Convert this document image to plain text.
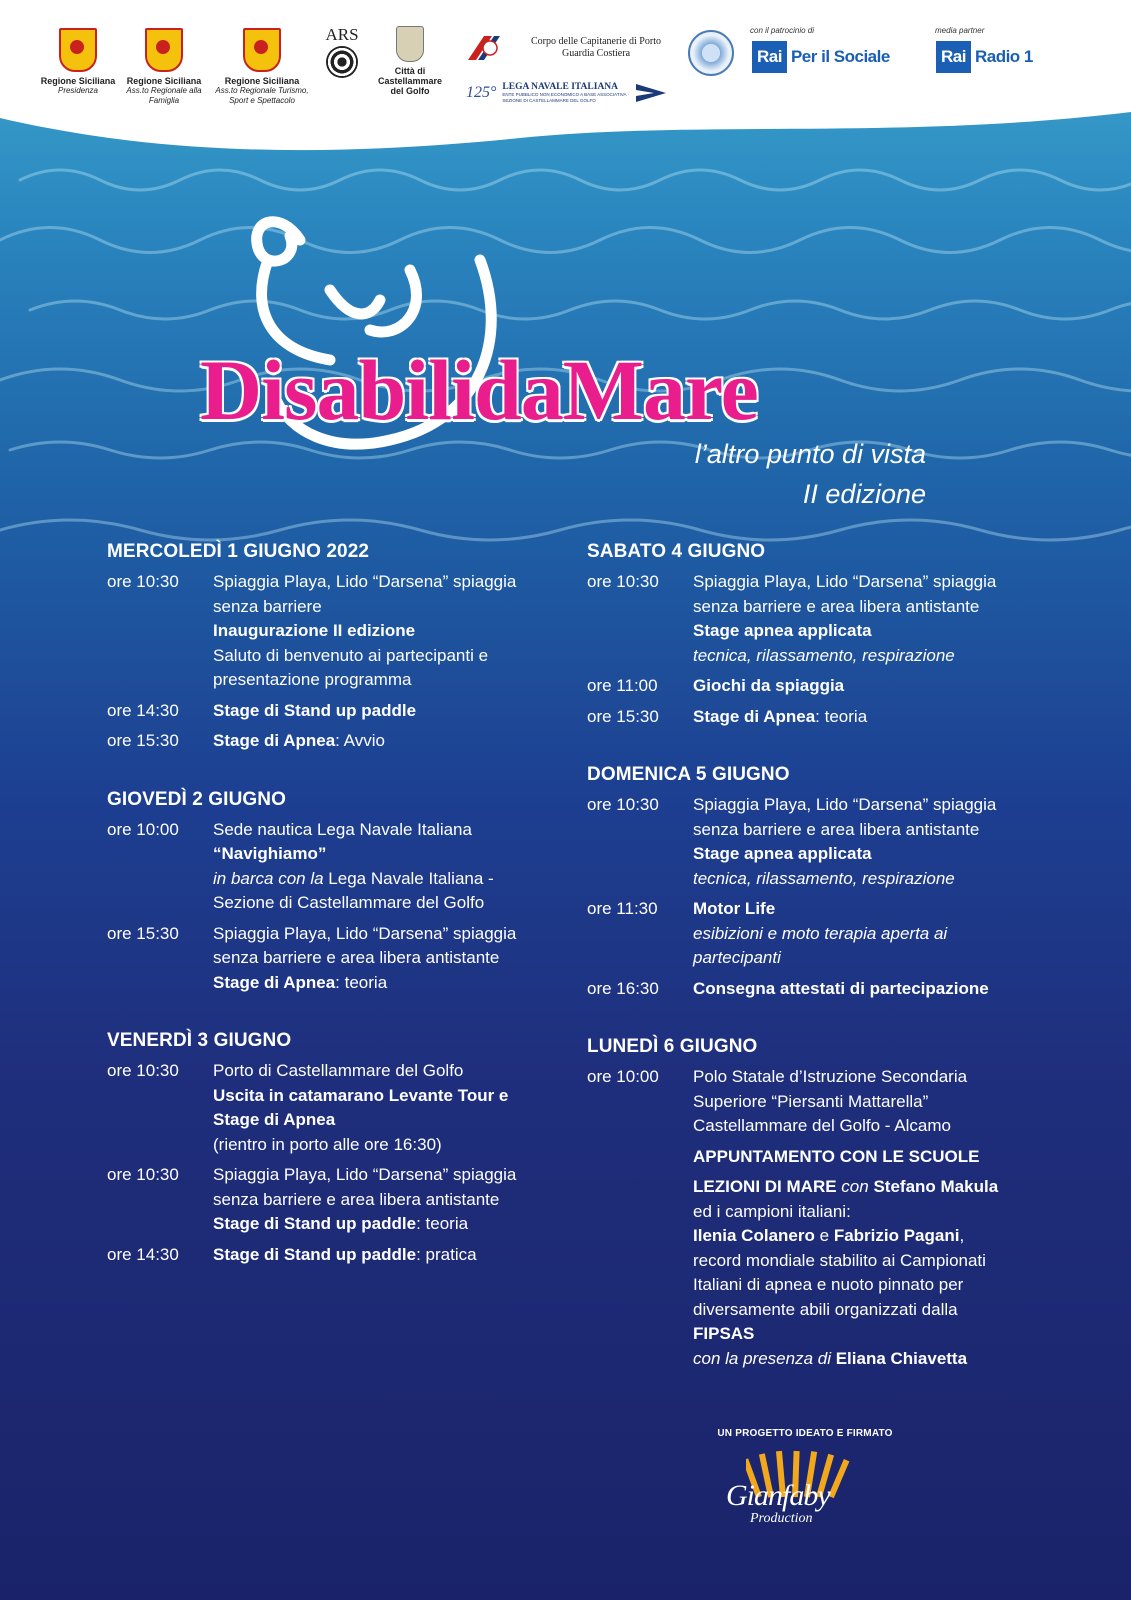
Regione Siciliana
Presidenza
Regione Siciliana
Ass.to Regionale alla Famiglia
Regione Siciliana
Ass.to Regionale Turismo, Sport e Spettacolo
ARS
Città di Castellammare del Golfo
Corpo delle Capitanerie di Porto Guardia Costiera
125° LEGA NAVALE ITALIANA
ENTE PUBBLICO NON ECONOMICO A BASE ASSOCIATIVA · SEZIONE DI CASTELLAMMARE DEL GOLFO
con il patrocinio di
Rai Per il Sociale
media partner
Rai Radio 1
DisabilidaMare
l’altro punto di vista
II edizione
MERCOLEDÌ 1 GIUGNO 2022
ore 10:30	Spiaggia Playa, Lido “Darsena” spiaggia senza barriere
Inaugurazione II edizione
Saluto di benvenuto ai partecipanti e presentazione programma
ore 14:30	Stage di Stand up paddle
ore 15:30	Stage di Apnea: Avvio
GIOVEDÌ 2 GIUGNO
ore 10:00	Sede nautica Lega Navale Italiana
“Navighiamo”
in barca con la Lega Navale Italiana - Sezione di Castellammare del Golfo
ore 15:30	Spiaggia Playa, Lido “Darsena” spiaggia senza barriere e area libera antistante
Stage di Apnea: teoria
VENERDÌ 3 GIUGNO
ore 10:30	Porto di Castellammare del Golfo
Uscita in catamarano Levante Tour e Stage di Apnea
(rientro in porto alle ore 16:30)
ore 10:30	Spiaggia Playa, Lido “Darsena” spiaggia senza barriere e area libera antistante
Stage di Stand up paddle: teoria
ore 14:30	Stage di Stand up paddle: pratica
SABATO 4 GIUGNO
ore 10:30	Spiaggia Playa, Lido “Darsena” spiaggia senza barriere e area libera antistante
Stage apnea applicata
tecnica, rilassamento, respirazione
ore 11:00	Giochi da spiaggia
ore 15:30	Stage di Apnea: teoria
DOMENICA 5 GIUGNO
ore 10:30	Spiaggia Playa, Lido “Darsena” spiaggia senza barriere e area libera antistante
Stage apnea applicata
tecnica, rilassamento, respirazione
ore 11:30	Motor Life
esibizioni e moto terapia aperta ai partecipanti
ore 16:30	Consegna attestati di partecipazione
LUNEDÌ 6 GIUGNO
ore 10:00	Polo Statale d’Istruzione Secondaria Superiore “Piersanti Mattarella” Castellammare del Golfo - Alcamo
APPUNTAMENTO CON LE SCUOLE
LEZIONI DI MARE con Stefano Makula
ed i campioni italiani:
Ilenia Colanero e Fabrizio Pagani, record mondiale stabilito ai Campionati Italiani di apnea e nuoto pinnato per diversamente abili organizzati dalla FIPSAS
con la presenza di Eliana Chiavetta
UN PROGETTO IDEATO E FIRMATO
Gianfaby
Production
